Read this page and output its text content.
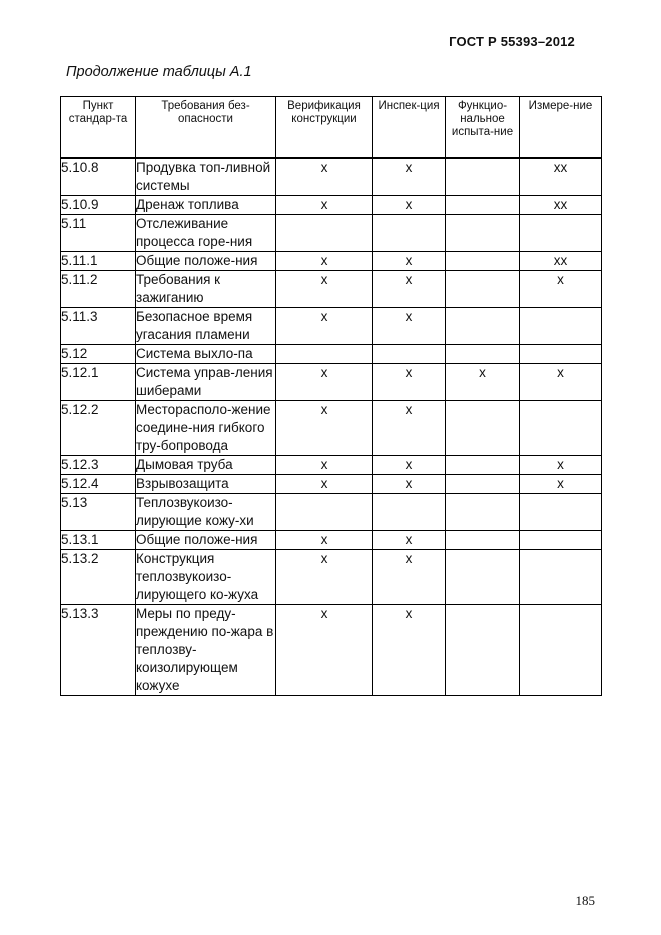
ГОСТ Р 55393–2012
Продолжение таблицы А.1
Пункт стандар-та	Требования без-опасности	Верификация конструкции	Инспек-ция	Функцио-нальное испыта-ние	Измере-ние
5.10.8	Продувка топ-ливной системы	х	х		хх
5.10.9	Дренаж топлива	х	х		хх
5.11	Отслеживание процесса горе-ния				
5.11.1	Общие положе-ния	х	х		хх
5.11.2	Требования к зажиганию	х	х		х
5.11.3	Безопасное время угасания пламени	х	х		
5.12	Система выхло-па				
5.12.1	Система управ-ления шиберами	х	х	х	х
5.12.2	Месторасполо-жение соедине-ния гибкого тру-бопровода	х	х		
5.12.3	Дымовая труба	х	х		х
5.12.4	Взрывозащита	х	х		х
5.13	Теплозвукоизо-лирующие кожу-хи				
5.13.1	Общие положе-ния	х	х		
5.13.2	Конструкция теплозвукоизо-лирующего ко-жуха	х	х		
5.13.3	Меры по преду-преждению по-жара в теплозву-коизолирующем кожухе	х	х		
185
